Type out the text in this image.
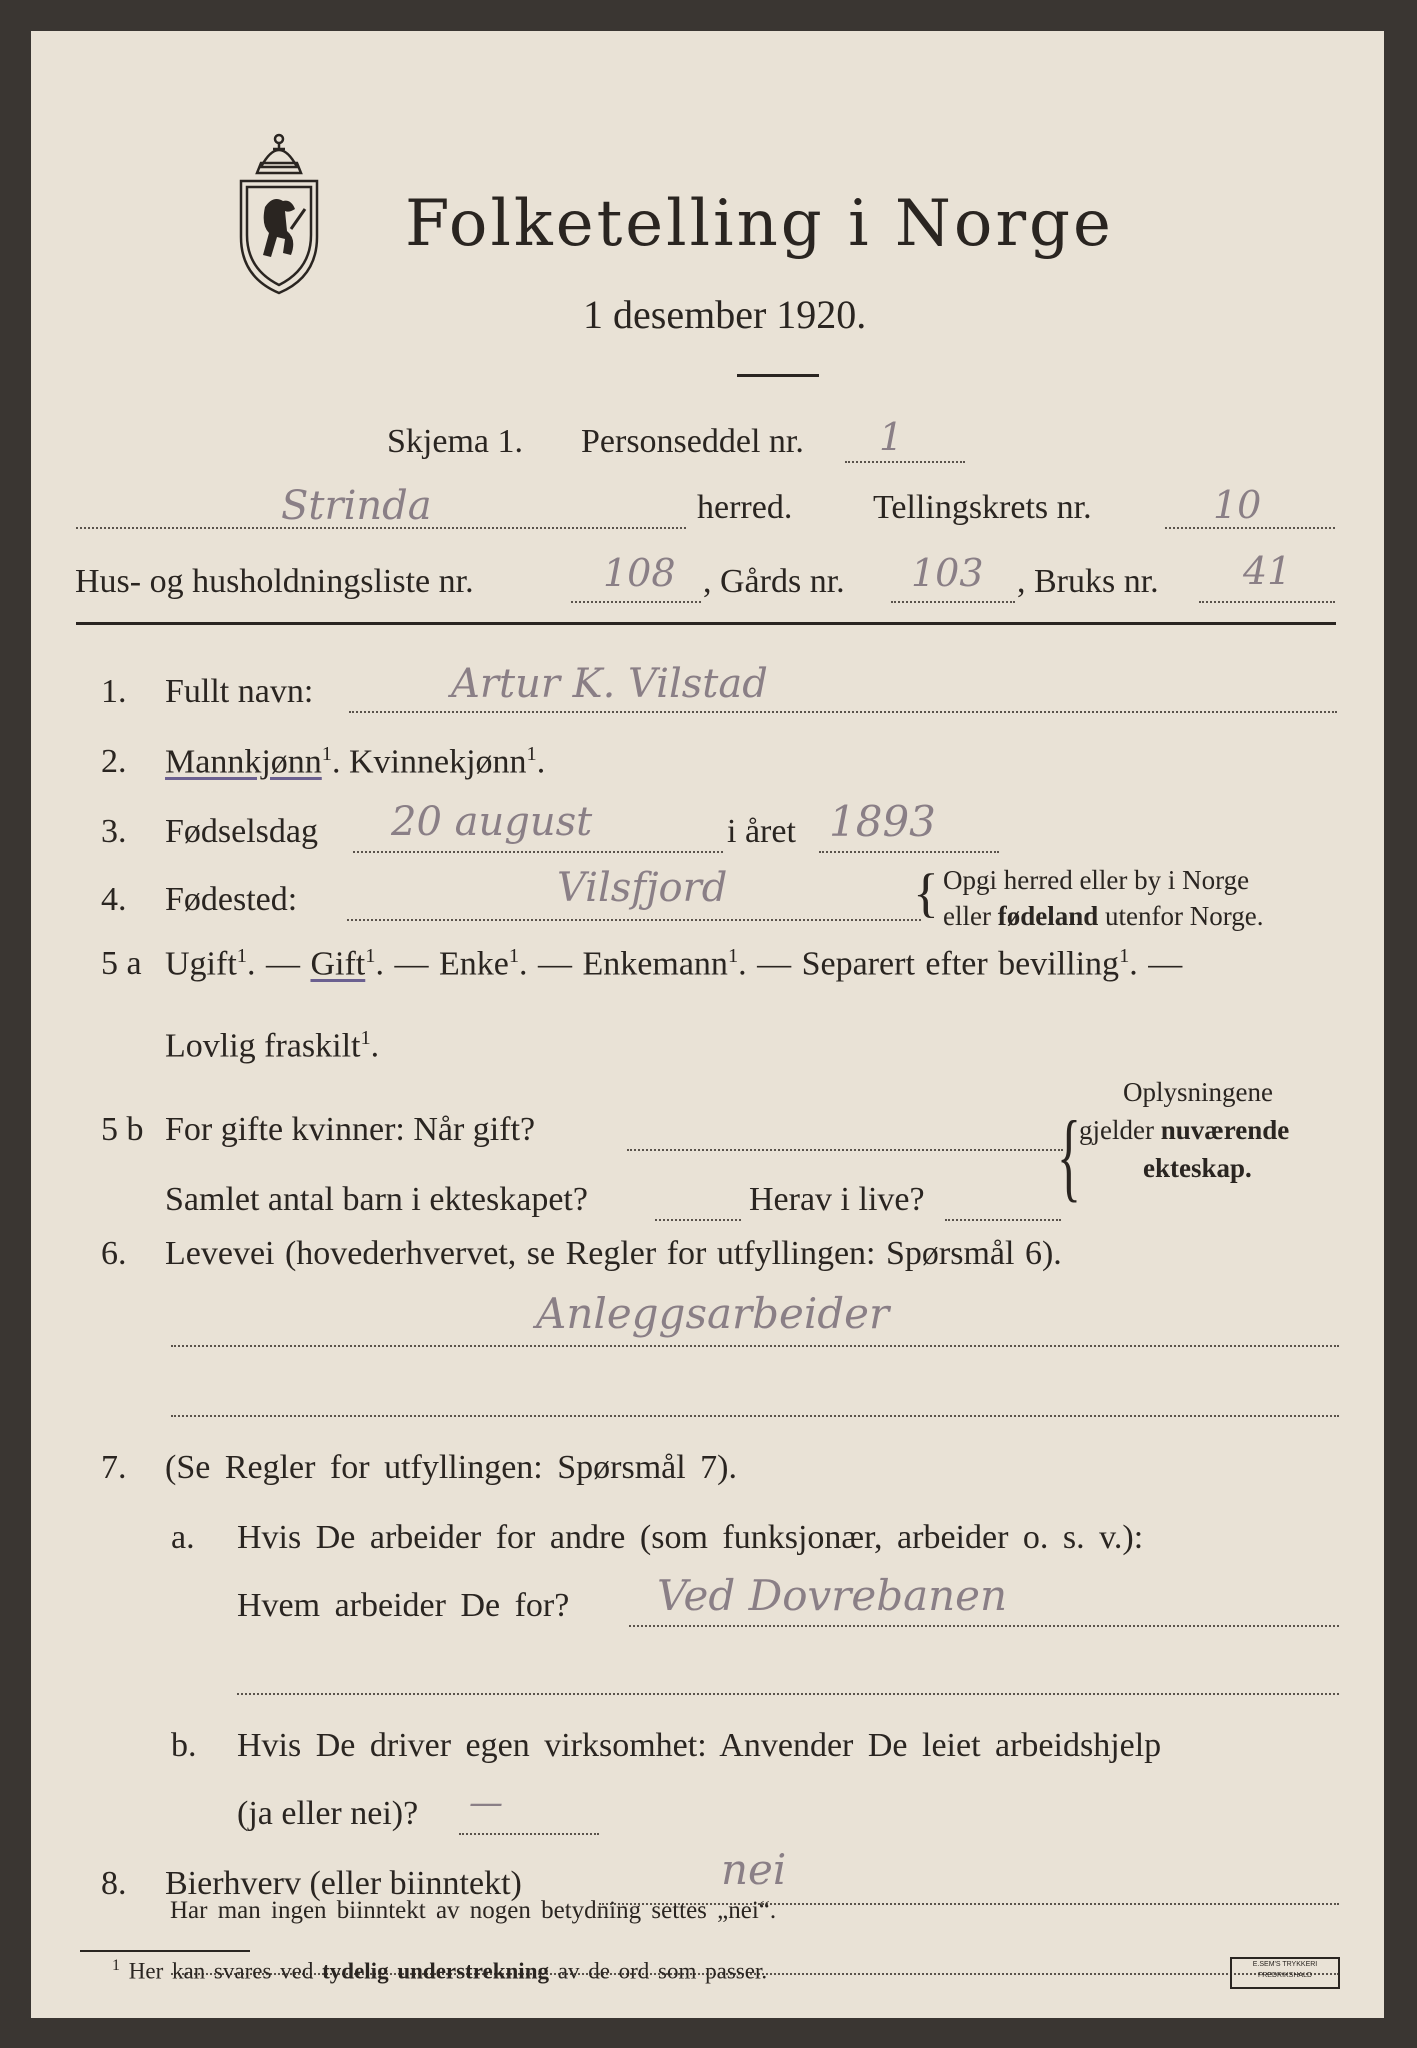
Folketelling i Norge
1 desember 1920.
Skjema 1. Personseddel nr. 1
Strinda	herred. Tellingskrets nr.	10
Hus- og husholdningsliste nr.	108 , Gårds nr. 103 , Bruks nr. 41
1. Fullt navn:	Artur K. Vilstad
2. Mannkjønn$^1$. Kvinnekjønn$^1$.
3. Fødselsdag 20 august	i året 1893
4. Fødested:	Vilsfjord	{ Opgi herred eller by i Norge
eller fødeland utenfor Norge.
5 a Ugift$^1$. — Gift$^1$. — Enke$^1$. — Enkemann$^1$. — Separert efter bevilling$^1$. —
Lovlig fraskilt$^1$.
5 b For gifte kvinner: Når gift?
Samlet antal barn i ekteskapet?	Herav i live? {
Oplysningene
gjelder nuværende
ekteskap.
6. Levevei (hovederhvervet, se Regler for utfyllingen: Spørsmål 6).
Anleggsarbeider
7. (Se Regler for utfyllingen: Spørsmål 7).
a. Hvis De arbeider for andre (som funksjonær, arbeider o. s. v.):
Hvem arbeider De for? Ved Dovrebanen
b. Hvis De driver egen virksomhet: Anvender De leiet arbeidshjelp
(ja eller nei)? —
8. Bierhverv (eller biinntekt)	nei
Har man ingen biinntekt av nogen betydning settes „nei“.
$^1$ Her kan svares ved tydelig understrekning av de ord som passer.	E.SEM'S TRYKKERI
FREDRIKSHALD
